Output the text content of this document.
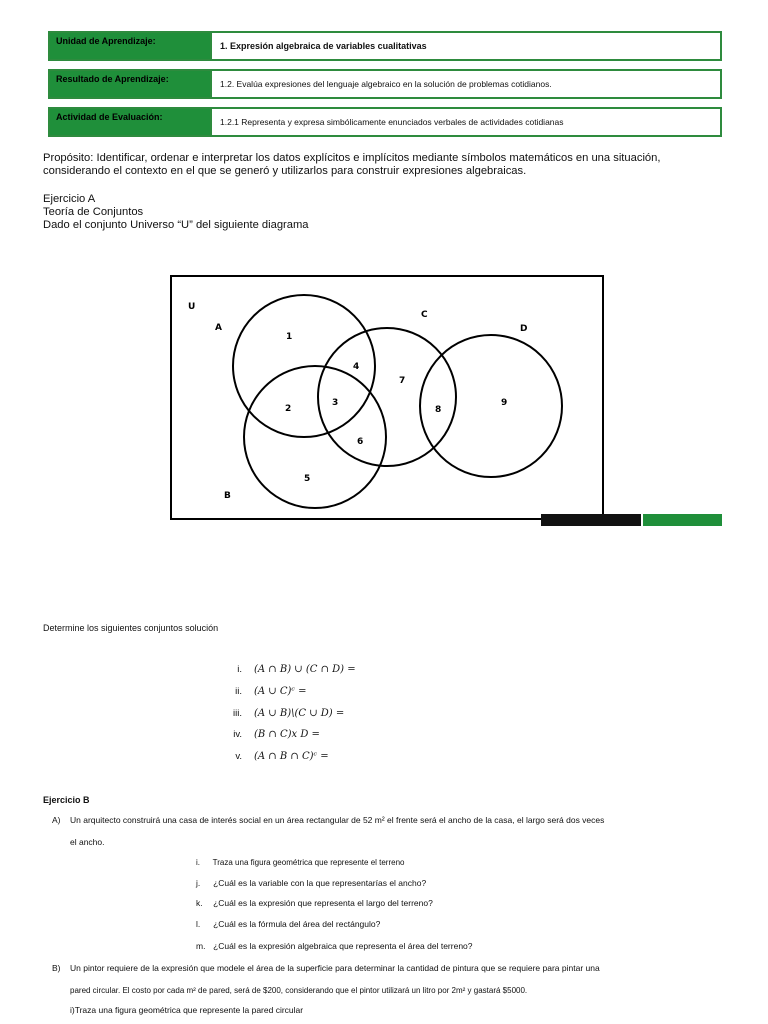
Unidad de Aprendizaje:	1. Expresión algebraica de variables cualitativas
Resultado de Aprendizaje:	1.2. Evalúa expresiones del lenguaje algebraico en la solución de problemas cotidianos.
Actividad de Evaluación:	1.2.1 Representa y expresa simbólicamente enunciados verbales de actividades cotidianas
Propósito: Identificar, ordenar e interpretar los datos explícitos e implícitos mediante símbolos matemáticos en una situación, considerando el contexto en el que se generó y utilizarlos para construir expresiones algebraicas.
Ejercicio A
Teoría de Conjuntos
Dado el conjunto Universo “U” del siguiente diagrama
U
A
B
C
D
1
2
3
4
5
6
7
8
9
Determine los siguientes conjuntos solución
i. (A ∩ B) ∪ (C ∩ D) =
ii. (A ∪ C)ᶜ =
iii. (A ∪ B)\(C ∪ D) =
iv. (B ∩ C)x D =
v. (A ∩ B ∩ C)ᶜ =
Ejercicio B
A) Un arquitecto construirá una casa de interés social en un área rectangular de 52 m² el frente será el ancho de la casa, el largo será dos veces
el ancho.
i. Traza una figura geométrica que represente el terreno
j. ¿Cuál es la variable con la que representarías el ancho?
k. ¿Cuál es la expresión que representa el largo del terreno?
l. ¿Cuál es la fórmula del área del rectángulo?
m. ¿Cuál es la expresión algebraica que representa el área del terreno?
B) Un pintor requiere de la expresión que modele el área de la superficie para determinar la cantidad de pintura que se requiere para pintar una
pared circular. El costo por cada m² de pared, será de $200, considerando que el pintor utilizará un litro por 2m² y gastará $5000.
i)Traza una figura geométrica que represente la pared circular
